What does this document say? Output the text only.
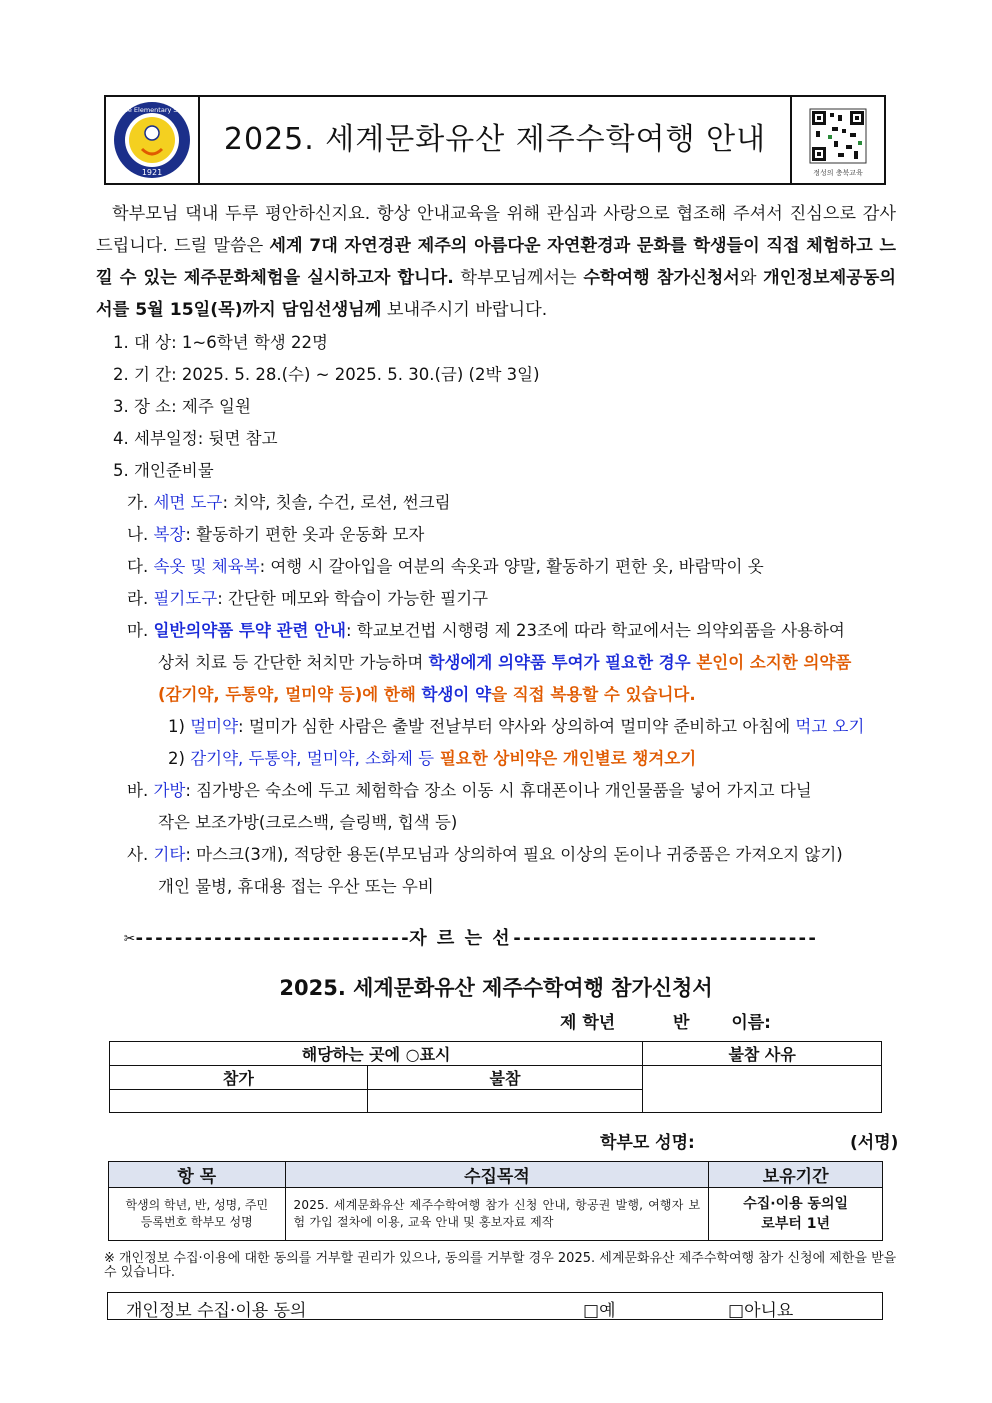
Amnae Elementary School
1921
2025. 세계문화유산 제주수학여행 안내
정성의 충북교육
학부모님 댁내 두루 평안하신지요. 항상 안내교육을 위해 관심과 사랑으로 협조해 주셔서 진심으로 감사드립니다. 드릴 말씀은 세계 7대 자연경관 제주의 아름다운 자연환경과 문화를 학생들이 직접 체험하고 느낄 수 있는 제주문화체험을 실시하고자 합니다. 학부모님께서는 수학여행 참가신청서와 개인정보제공동의서를 5월 15일(목)까지 담임선생님께 보내주시기 바랍니다.
1. 대 상: 1~6학년 학생 22명
2. 기 간: 2025. 5. 28.(수) ~ 2025. 5. 30.(금) (2박 3일)
3. 장 소: 제주 일원
4. 세부일정: 뒷면 참고
5. 개인준비물
가. 세면 도구: 치약, 칫솔, 수건, 로션, 썬크림
나. 복장: 활동하기 편한 옷과 운동화 모자
다. 속옷 및 체육복: 여행 시 갈아입을 여분의 속옷과 양말, 활동하기 편한 옷, 바람막이 옷
라. 필기도구: 간단한 메모와 학습이 가능한 필기구
마. 일반의약품 투약 관련 안내: 학교보건법 시행령 제 23조에 따라 학교에서는 의약외품을 사용하여
상처 치료 등 간단한 처치만 가능하며 학생에게 의약품 투여가 필요한 경우 본인이 소지한 의약품
(감기약, 두통약, 멀미약 등)에 한해 학생이 약을 직접 복용할 수 있습니다.
1) 멀미약: 멀미가 심한 사람은 출발 전날부터 약사와 상의하여 멀미약 준비하고 아침에 먹고 오기
2) 감기약, 두통약, 멀미약, 소화제 등 필요한 상비약은 개인별로 챙겨오기
바. 가방: 짐가방은 숙소에 두고 체험학습 장소 이동 시 휴대폰이나 개인물품을 넣어 가지고 다닐
작은 보조가방(크로스백, 슬링백, 힙색 등)
사. 기타: 마스크(3개), 적당한 용돈(부모님과 상의하여 필요 이상의 돈이나 귀중품은 가져오지 않기)
개인 물병, 휴대용 접는 우산 또는 우비
✂----------------------------자 르 는 선-------------------------------
2025. 세계문화유산 제주수학여행 참가신청서
제 학년	반 이름:
해당하는 곳에 ○표시		불참 사유
참가	불참	

학부모 성명:	(서명)
항 목	수집목적	보유기간
학생의 학년, 반, 성명, 주민등록번호 학부모 성명	2025. 세계문화유산 제주수학여행 참가 신청 안내, 항공권 발행, 여행자 보험 가입 절차에 이용, 교육 안내 및 홍보자료 제작	수집·이용 동의일로부터 1년
※ 개인정보 수집·이용에 대한 동의를 거부할 권리가 있으나, 동의를 거부할 경우 2025. 세계문화유산 제주수학여행 참가 신청에 제한을 받을 수 있습니다.
개인정보 수집·이용 동의	□예	□아니요
